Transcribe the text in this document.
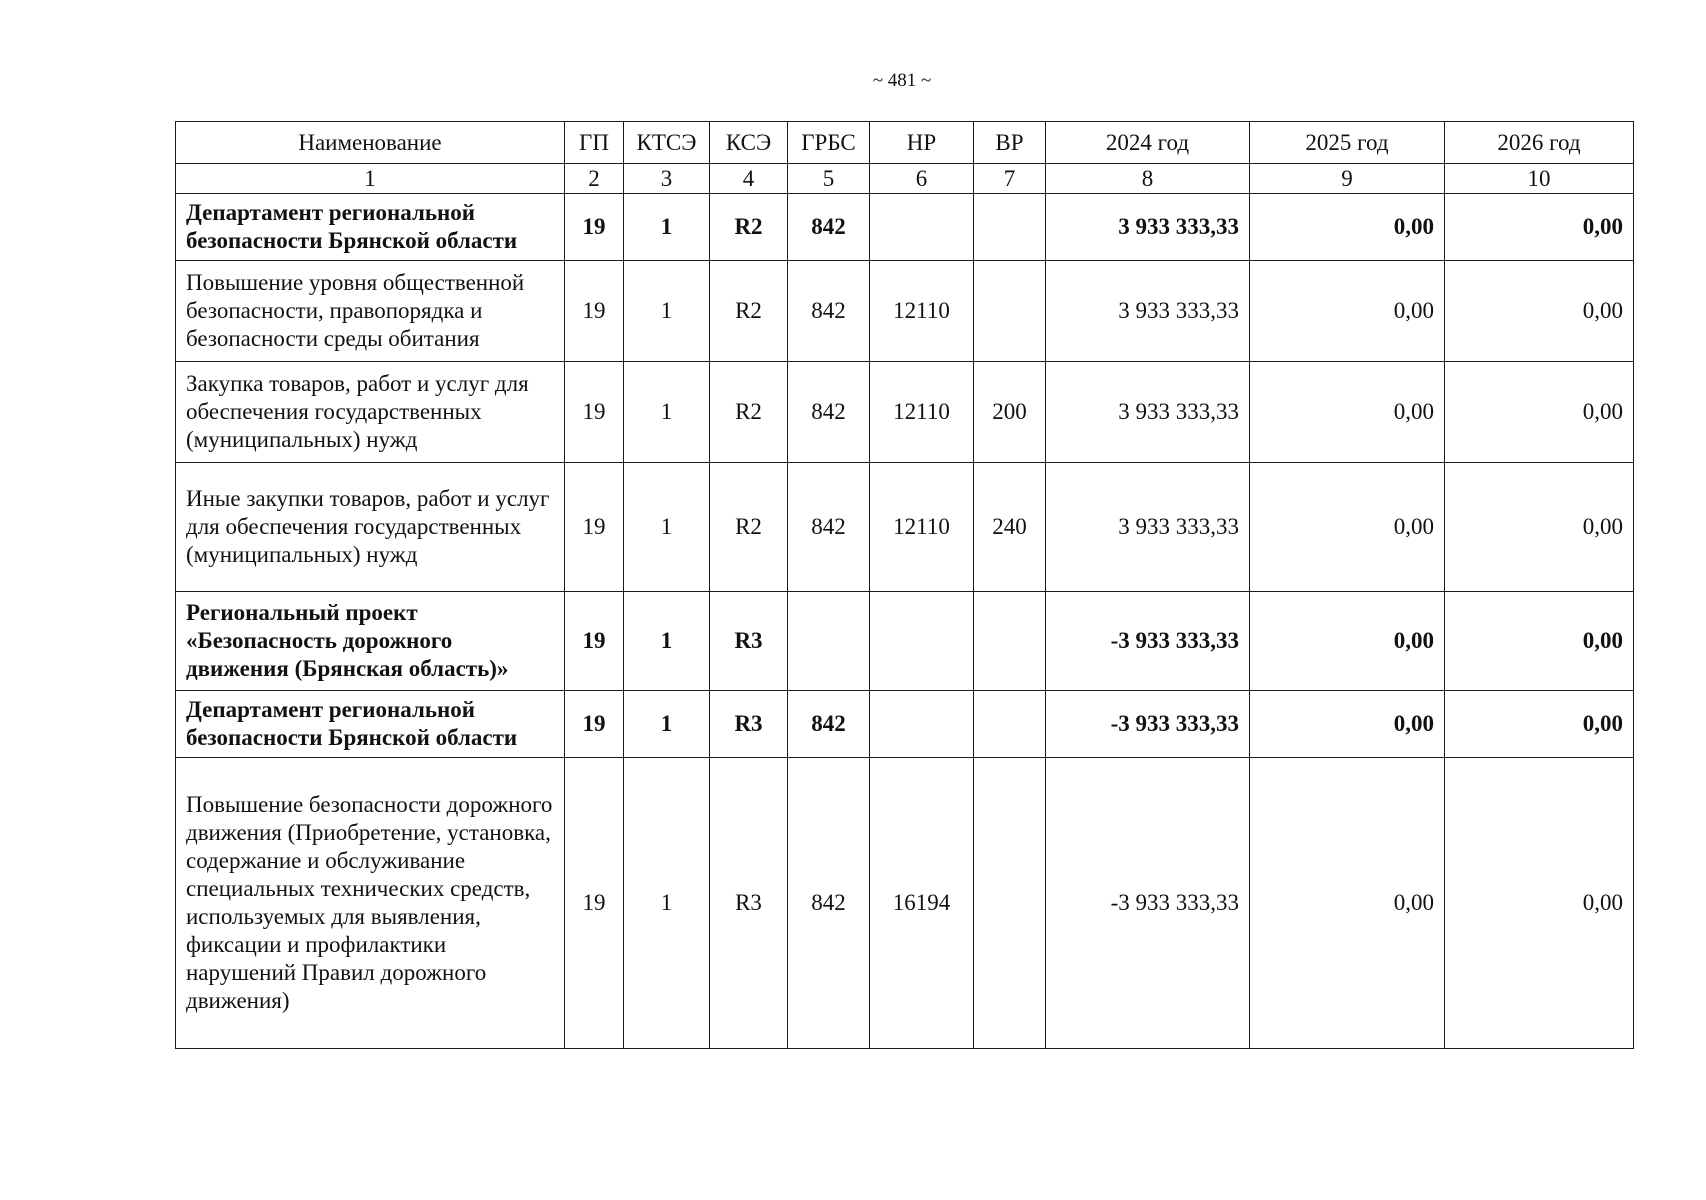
~ 481 ~
Наименование	ГП	КТСЭ	КСЭ	ГРБС	НР	ВР	2024 год	2025 год	2026 год
1	2	3	4	5	6	7	8	9	10
Департамент региональной безопасности Брянской области	19	1	R2	842			3 933 333,33	0,00	0,00
Повышение уровня общественной безопасности, правопорядка и безопасности среды обитания	19	1	R2	842	12110		3 933 333,33	0,00	0,00
Закупка товаров, работ и услуг для обеспечения государственных (муниципальных) нужд	19	1	R2	842	12110	200	3 933 333,33	0,00	0,00
Иные закупки товаров, работ и услуг для обеспечения государственных (муниципальных) нужд	19	1	R2	842	12110	240	3 933 333,33	0,00	0,00
Региональный проект «Безопасность дорожного движения (Брянская область)»	19	1	R3				-3 933 333,33	0,00	0,00
Департамент региональной безопасности Брянской области	19	1	R3	842			-3 933 333,33	0,00	0,00
Повышение безопасности дорожного движения (Приобретение, установка, содержание и обслуживание специальных технических средств, используемых для выявления, фиксации и профилактики нарушений Правил дорожного движения)	19	1	R3	842	16194		-3 933 333,33	0,00	0,00
